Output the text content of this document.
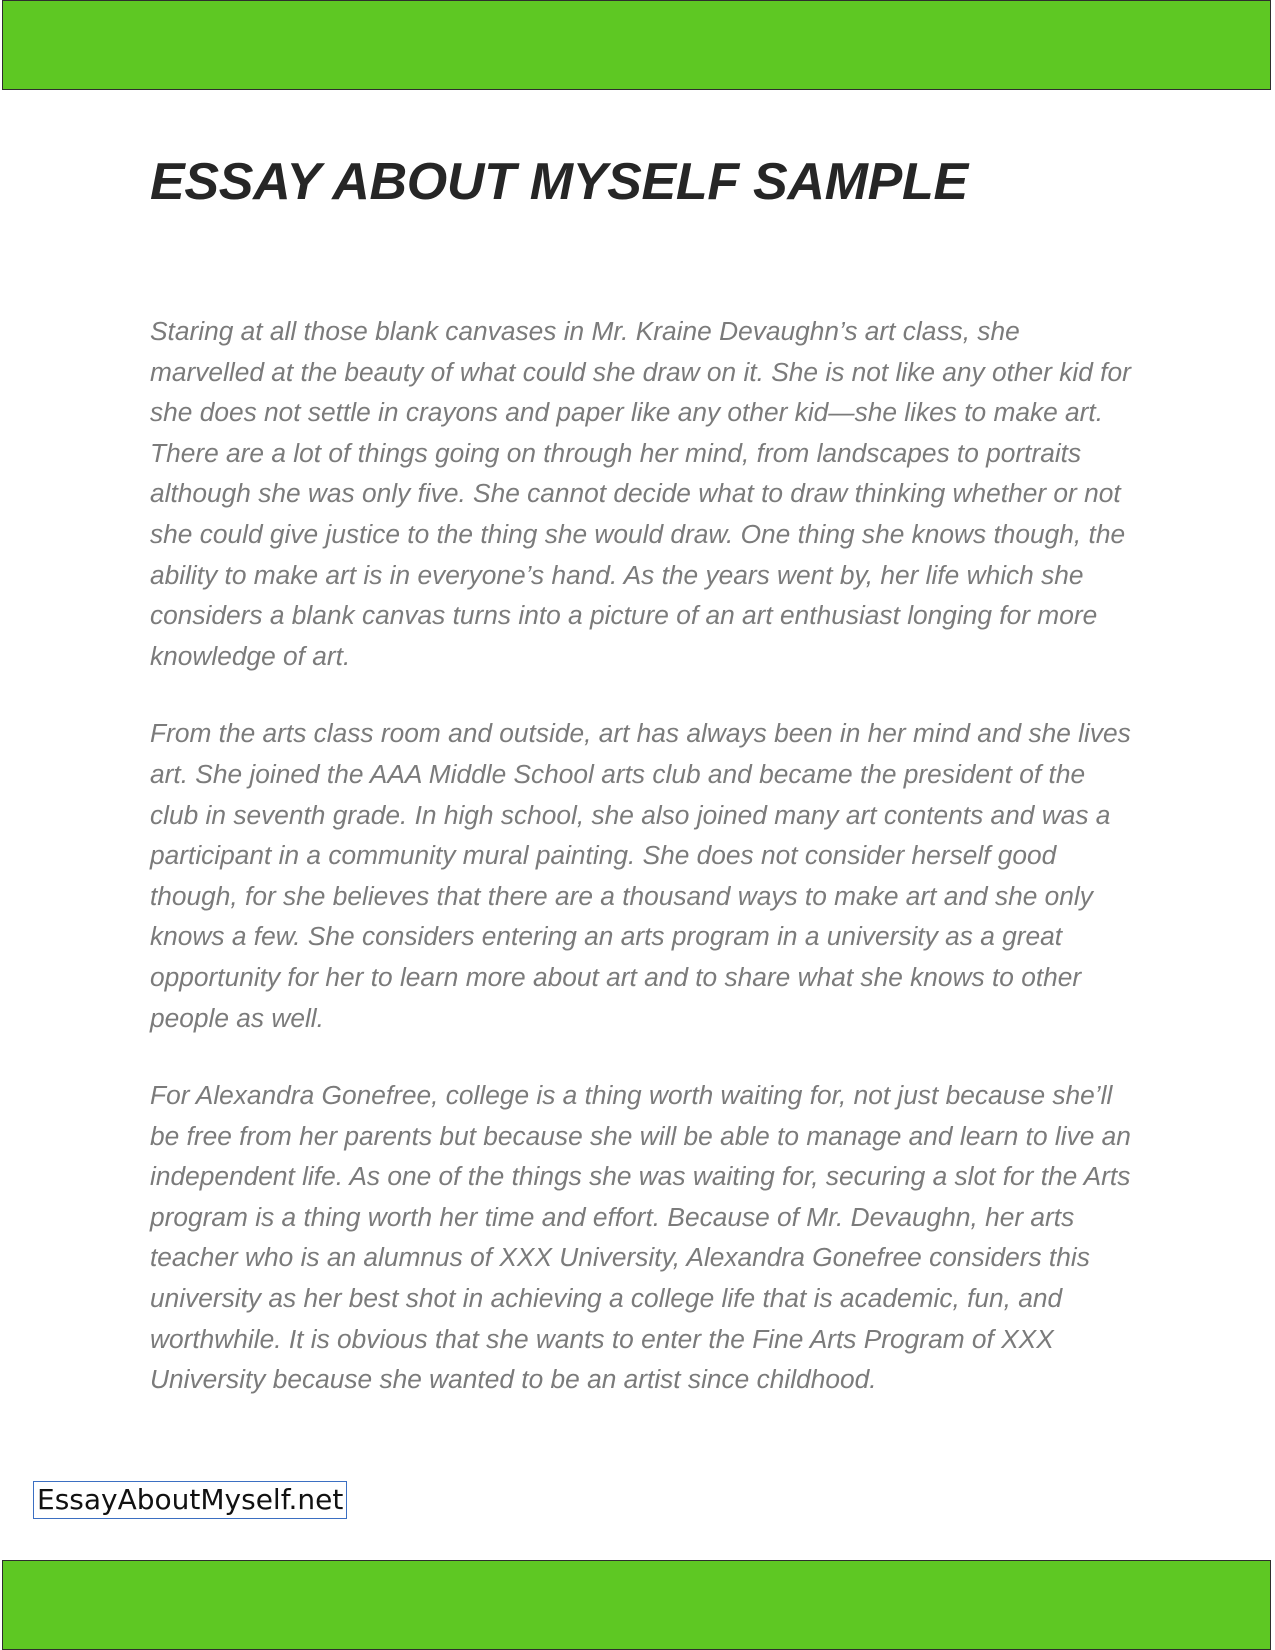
ESSAY ABOUT MYSELF SAMPLE

Staring at all those blank canvases in Mr. Kraine Devaughn’s art class, she marvelled at the beauty of what could she draw on it. She is not like any other kid for she does not settle in crayons and paper like any other kid—she likes to make art. There are a lot of things going on through her mind, from landscapes to portraits although she was only five. She cannot decide what to draw thinking whether or not she could give justice to the thing she would draw. One thing she knows though, the ability to make art is in everyone’s hand. As the years went by, her life which she considers a blank canvas turns into a picture of an art enthusiast longing for more knowledge of art.

From the arts class room and outside, art has always been in her mind and she lives art. She joined the AAA Middle School arts club and became the president of the club in seventh grade. In high school, she also joined many art contents and was a participant in a community mural painting. She does not consider herself good though, for she believes that there are a thousand ways to make art and she only knows a few. She considers entering an arts program in a university as a great opportunity for her to learn more about art and to share what she knows to other people as well.

For Alexandra Gonefree, college is a thing worth waiting for, not just because she’ll be free from her parents but because she will be able to manage and learn to live an independent life. As one of the things she was waiting for, securing a slot for the Arts program is a thing worth her time and effort. Because of Mr. Devaughn, her arts teacher who is an alumnus of XXX University, Alexandra Gonefree considers this university as her best shot in achieving a college life that is academic, fun, and worthwhile. It is obvious that she wants to enter the Fine Arts Program of XXX University because she wanted to be an artist since childhood.

EssayAboutMyself.net
